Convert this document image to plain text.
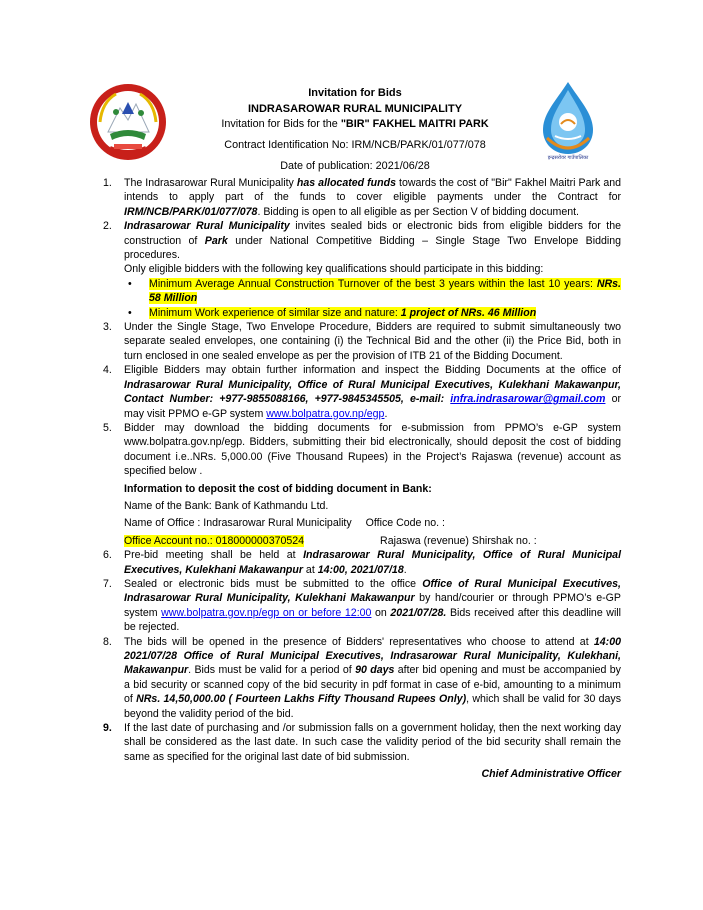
इन्द्रसरोवर गाउँपालिका
Invitation for Bids
INDRASAROWAR RURAL MUNICIPALITY
Invitation for Bids for the "BIR" FAKHEL MAITRI PARK
Contract Identification No: IRM/NCB/PARK/01/077/078
Date of publication: 2021/06/28
1.	The Indrasarowar Rural Municipality has allocated funds towards the cost of "Bir" Fakhel Maitri Park and intends to apply part of the funds to cover eligible payments under the Contract for IRM/NCB/PARK/01/077/078. Bidding is open to all eligible as per Section V of bidding document.
2.	Indrasarowar Rural Municipality invites sealed bids or electronic bids from eligible bidders for the construction of Park under National Competitive Bidding – Single Stage Two Envelope Bidding procedures.
Only eligible bidders with the following key qualifications should participate in this bidding:
• Minimum Average Annual Construction Turnover of the best 3 years within the last 10 years: NRs. 58 Million
• Minimum Work experience of similar size and nature: 1 project of NRs. 46 Million
3.	Under the Single Stage, Two Envelope Procedure, Bidders are required to submit simultaneously two separate sealed envelopes, one containing (i) the Technical Bid and the other (ii) the Price Bid, both in turn enclosed in one sealed envelope as per the provision of ITB 21 of the Bidding Document.
4.	Eligible Bidders may obtain further information and inspect the Bidding Documents at the office of Indrasarowar Rural Municipality, Office of Rural Municipal Executives, Kulekhani Makawanpur, Contact Number: +977-9855088166, +977-9845345505, e-mail: infra.indrasarowar@gmail.com or may visit PPMO e-GP system www.bolpatra.gov.np/egp.
5.	Bidder may download the bidding documents for e-submission from PPMO’s e-GP system www.bolpatra.gov.np/egp. Bidders, submitting their bid electronically, should deposit the cost of bidding document i.e..NRs. 5,000.00 (Five Thousand Rupees) in the Project’s Rajaswa (revenue) account as specified below .
Information to deposit the cost of bidding document in Bank:
Name of the Bank: Bank of Kathmandu Ltd.
Name of Office : Indrasarowar Rural Municipality Office Code no. :
Office Account no.: 018000000370524	Rajaswa (revenue) Shirshak no. :
6.	Pre-bid meeting shall be held at Indrasarowar Rural Municipality, Office of Rural Municipal Executives, Kulekhani Makawanpur at 14:00, 2021/07/18.
7.	Sealed or electronic bids must be submitted to the office Office of Rural Municipal Executives, Indrasarowar Rural Municipality, Kulekhani Makawanpur by hand/courier or through PPMO’s e-GP system www.bolpatra.gov.np/egp on or before 12:00 on 2021/07/28. Bids received after this deadline will be rejected.
8.	The bids will be opened in the presence of Bidders' representatives who choose to attend at 14:00 2021/07/28 Office of Rural Municipal Executives, Indrasarowar Rural Municipality, Kulekhani, Makawanpur. Bids must be valid for a period of 90 days after bid opening and must be accompanied by a bid security or scanned copy of the bid security in pdf format in case of e-bid, amounting to a minimum of NRs. 14,50,000.00 ( Fourteen Lakhs Fifty Thousand Rupees Only), which shall be valid for 30 days beyond the validity period of the bid.
9.	If the last date of purchasing and /or submission falls on a government holiday, then the next working day shall be considered as the last date. In such case the validity period of the bid security shall remain the same as specified for the original last date of bid submission.
Chief Administrative Officer
